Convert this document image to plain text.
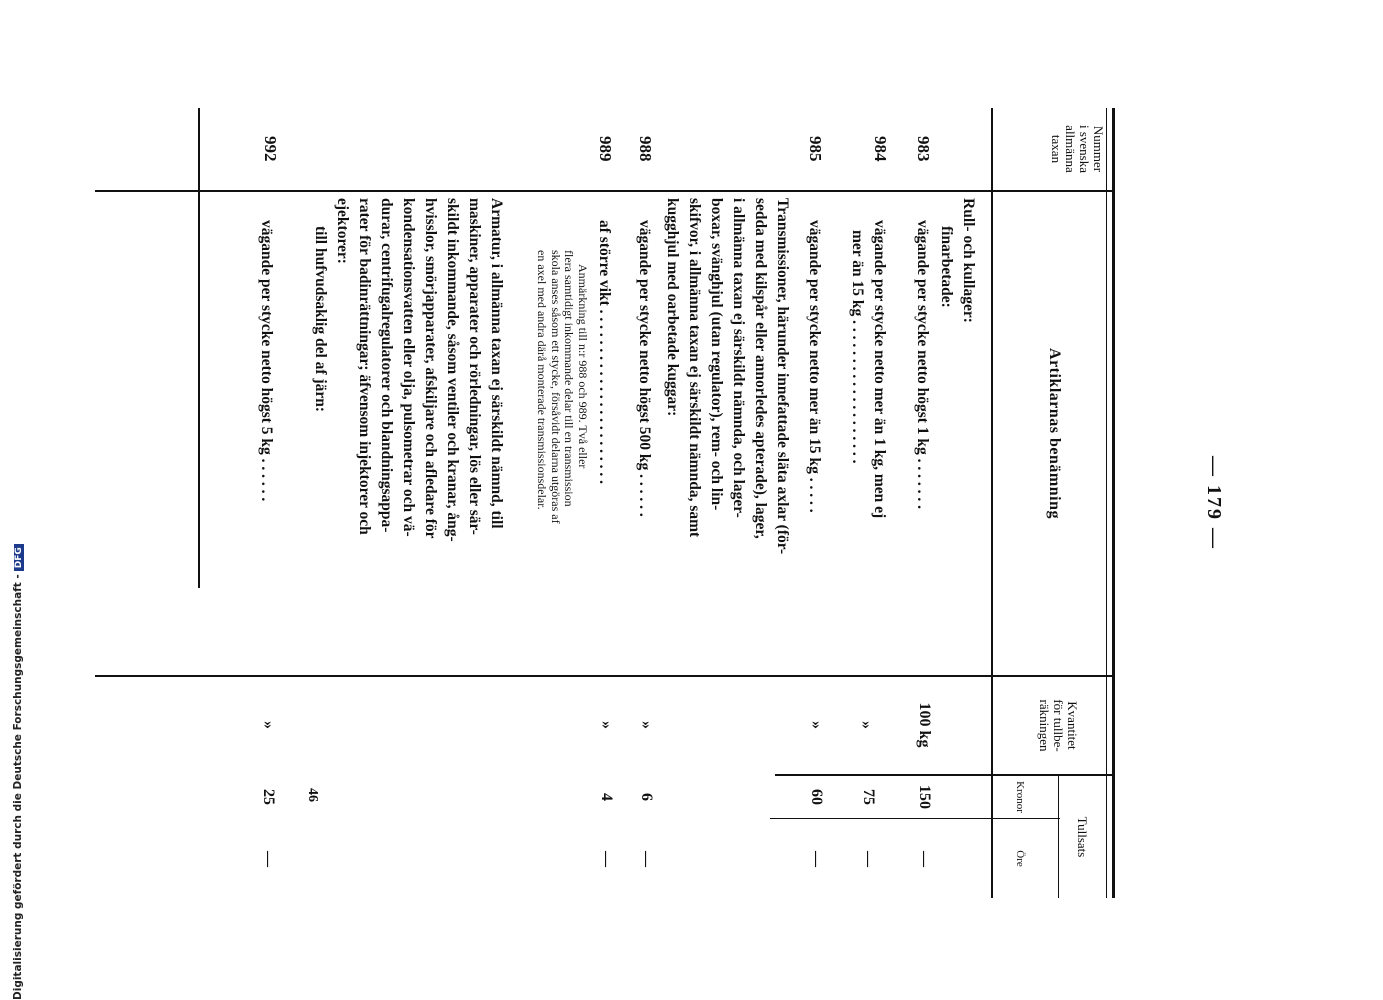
Digitalisierung gefördert durch die Deutsche Forschungsgemeinschaft -DFG
— 179 —
46
Nummer
i svenska
allmänna
taxan
Artiklarnas benämning
Kvantitet
för tullbe-
räkningen
Tullsats
Kronor
Öre
Rull- och kullager:
finarbetade:
983
vägande per stycke netto högst 1 kg . . . . . . .
100 kg
150
—
984
vägande per stycke netto mer än 1 kg, men ej
mer än 15 kg . . . . . . . . . . . . . . . . . . .
»
75
—
985
vägande per stycke netto mer än 15 kg . . . . .
»
60
—
Transmissioner, härunder innefattade släta axlar (för-
sedda med kilspår eller annorledes apterade), lager,
i allmänna taxan ej särskildt nämnda, och lager-
boxar, svänghjul (utan regulator), rem- och lin-
skifvor, i allmänna taxan ej särskildt nämnda, samt
kugghjul med oarbetade kuggar:
988
vägande per stycke netto högst 500 kg . . . . . .
»
6
—
989
af större vikt . . . . . . . . . . . . . . . . . . . . . . .
»
4
—
Anmärkning till n:r 988 och 989. Två eller
flera samtidigt inkommande delar till en transmission
skola anses såsom ett stycke, försåvidt delarna utgöras af
en axel med andra därå monterade transmissionsdelar.
Armatur, i allmänna taxan ej särskildt nämnd, till
maskiner, apparater och rörledningar, lös eller sär-
skildt inkommande, såsom ventiler och kranar, ång-
hvisslor, smörjapparater, afskiljare och afledare för
kondensationsvatten eller olja, pulsometrar och vä-
durar, centrifugalregulatorer och blandningsappa-
rater för badinrättningar; äfvensom injektorer och
ejektorer:
till hufvudsaklig del af järn:
992
vägande per stycke netto högst 5 kg . . . . . .
»
25
—
